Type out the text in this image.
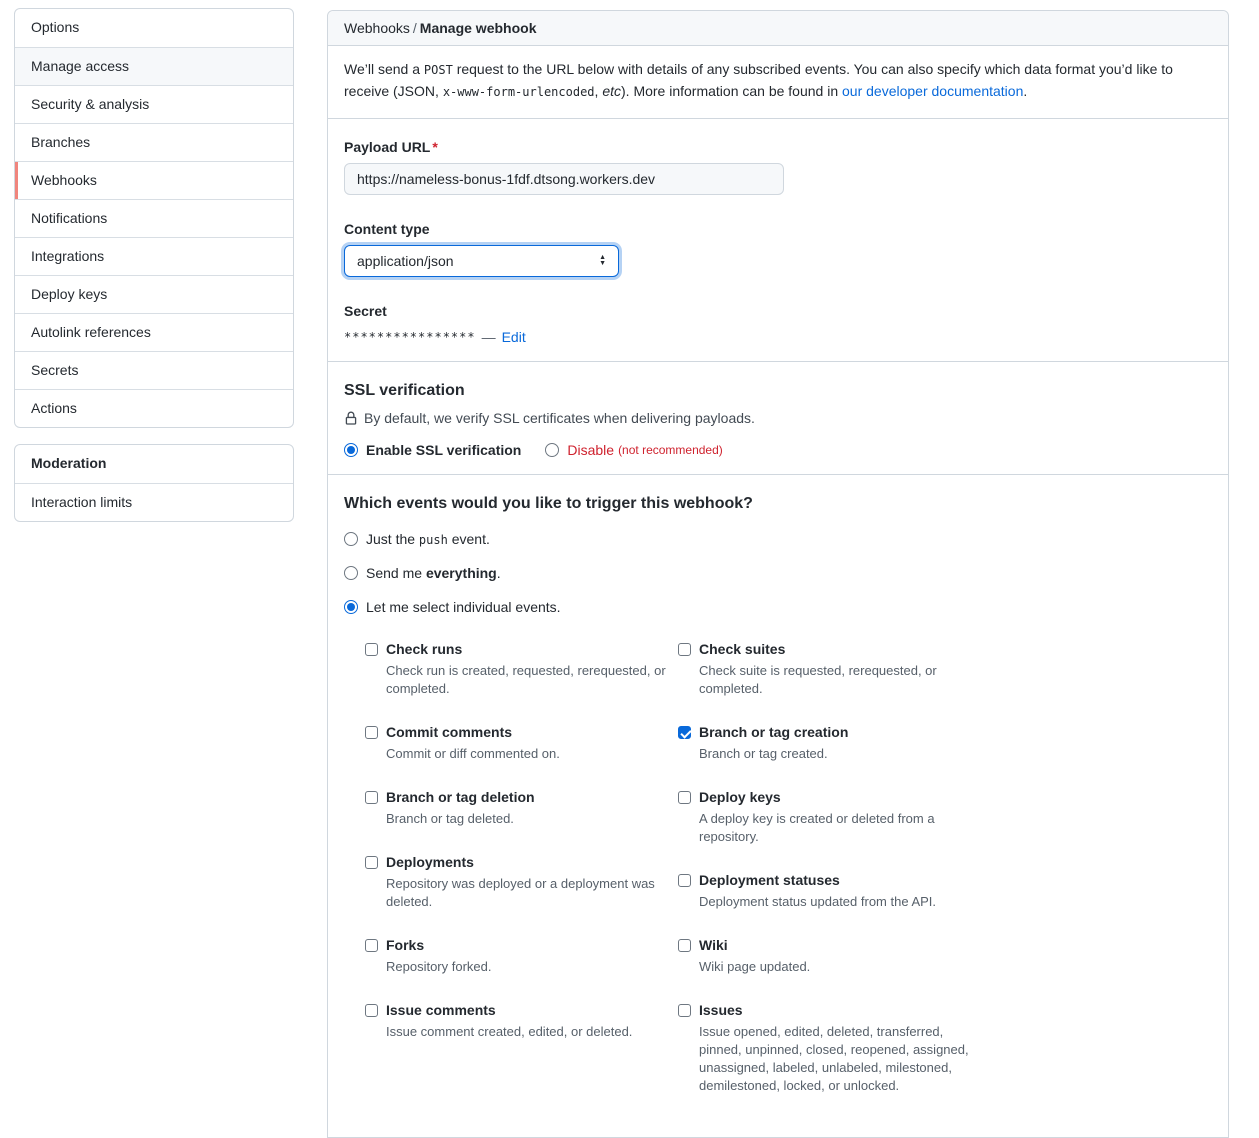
Options
Manage access
Security & analysis
Branches
Webhooks
Notifications
Integrations
Deploy keys
Autolink references
Secrets
Actions
Moderation
Interaction limits
Webhooks / Manage webhook

We’ll send a POST request to the URL below with details of any subscribed events. You can also specify which data format you’d like to receive (JSON, x-www-form-urlencoded, etc). More information can be found in our developer documentation.

Payload URL *
https://nameless-bonus-1fdf.dtsong.workers.dev
Content type
application/json	▲
▼
Secret
**************** — Edit
SSL verification
By default, we verify SSL certificates when delivering payloads.
Enable SSL verification	Disable (not recommended)
Which events would you like to trigger this webhook?
Just the push event.
Send me everything.
Let me select individual events.
Check runs
Check run is created, requested, rerequested, or completed.
Commit comments
Commit or diff commented on.
Branch or tag deletion
Branch or tag deleted.
Deployments
Repository was deployed or a deployment was deleted.
Forks
Repository forked.
Issue comments
Issue comment created, edited, or deleted.
Check suites
Check suite is requested, rerequested, or completed.
Branch or tag creation
Branch or tag created.
Deploy keys
A deploy key is created or deleted from a repository.
Deployment statuses
Deployment status updated from the API.
Wiki
Wiki page updated.
Issues
Issue opened, edited, deleted, transferred, pinned, unpinned, closed, reopened, assigned, unassigned, labeled, unlabeled, milestoned, demilestoned, locked, or unlocked.
